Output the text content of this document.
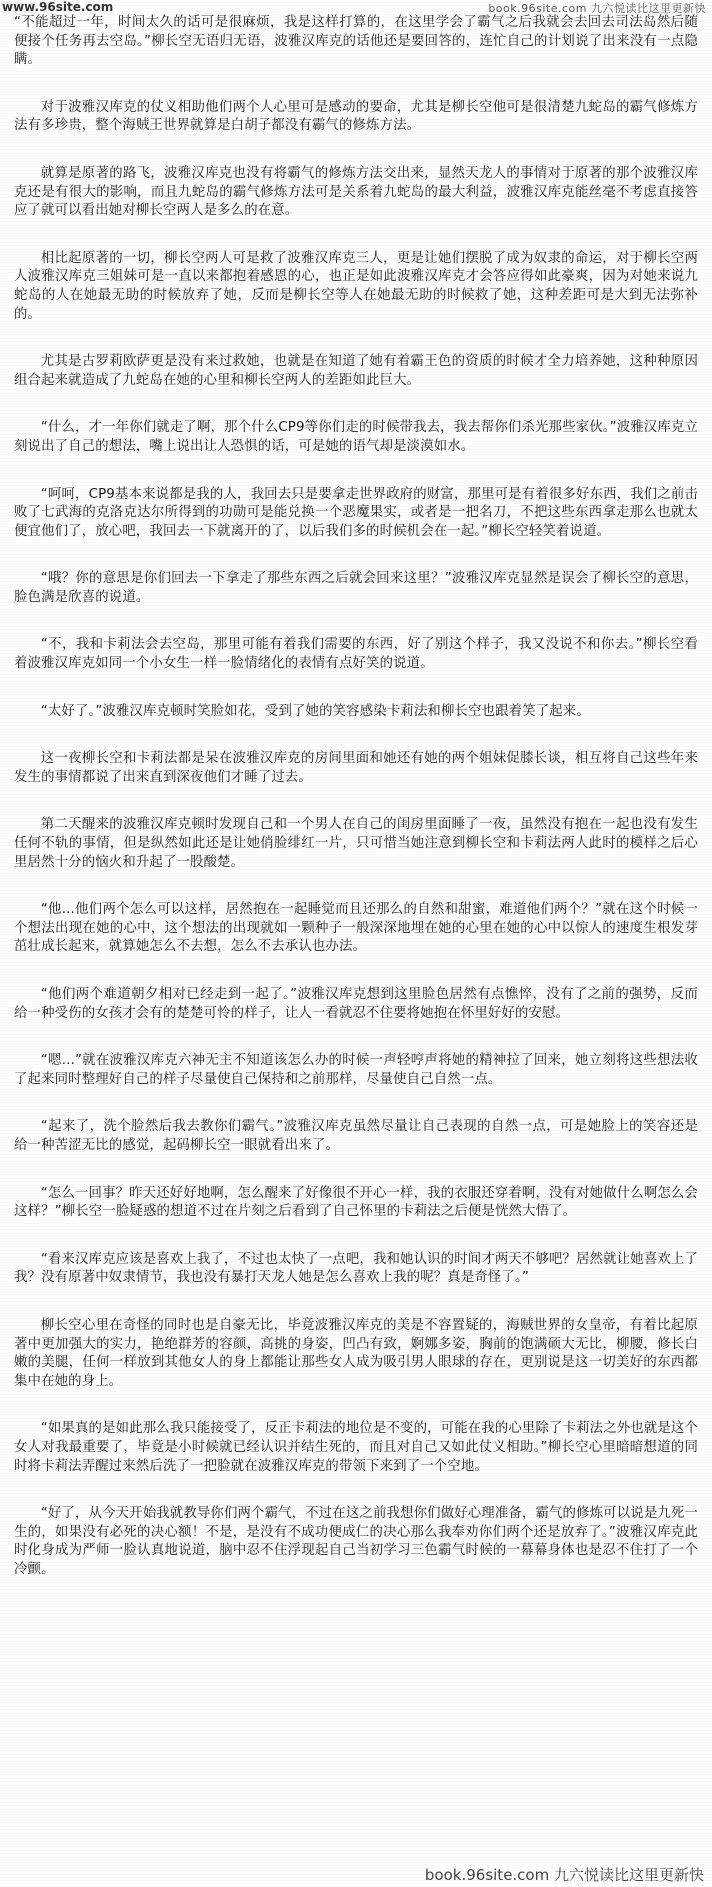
www.96site.com	book.96site.com 九六悦读比这里更新快

“不能超过一年，时间太久的话可是很麻烦，我是这样打算的，在这里学会了霸气之后我就会去回去司法岛然后随便接个任务再去空岛。”柳长空无语归无语，波雅汉库克的话他还是要回答的，连忙自己的计划说了出来没有一点隐瞒。

对于波雅汉库克的仗义相助他们两个人心里可是感动的要命，尤其是柳长空他可是很清楚九蛇岛的霸气修炼方法有多珍贵，整个海贼王世界就算是白胡子都没有霸气的修炼方法。

就算是原著的路飞，波雅汉库克也没有将霸气的修炼方法交出来，显然天龙人的事情对于原著的那个波雅汉库克还是有很大的影响，而且九蛇岛的霸气修炼方法可是关系着九蛇岛的最大利益，波雅汉库克能丝毫不考虑直接答应了就可以看出她对柳长空两人是多么的在意。

相比起原著的一切，柳长空两人可是救了波雅汉库克三人，更是让她们摆脱了成为奴隶的命运，对于柳长空两人波雅汉库克三姐妹可是一直以来都抱着感恩的心，也正是如此波雅汉库克才会答应得如此豪爽，因为对她来说九蛇岛的人在她最无助的时候放弃了她，反而是柳长空等人在她最无助的时候救了她，这种差距可是大到无法弥补的。

尤其是古罗莉欧萨更是没有来过救她，也就是在知道了她有着霸王色的资质的时候才全力培养她，这种种原因组合起来就造成了九蛇岛在她的心里和柳长空两人的差距如此巨大。

“什么，才一年你们就走了啊，那个什么CP9等你们走的时候带我去，我去帮你们杀光那些家伙。”波雅汉库克立刻说出了自己的想法，嘴上说出让人恐惧的话，可是她的语气却是淡漠如水。

“呵呵，CP9基本来说都是我的人，我回去只是要拿走世界政府的财富，那里可是有着很多好东西，我们之前击败了七武海的克洛克达尔所得到的功勋可是能兑换一个恶魔果实，或者是一把名刀，不把这些东西拿走那么也就太便宜他们了，放心吧，我回去一下就离开的了，以后我们多的时候机会在一起。”柳长空轻笑着说道。

“哦？你的意思是你们回去一下拿走了那些东西之后就会回来这里？”波雅汉库克显然是误会了柳长空的意思，脸色满是欣喜的说道。

“不，我和卡莉法会去空岛，那里可能有着我们需要的东西，好了别这个样子，我又没说不和你去。”柳长空看着波雅汉库克如同一个小女生一样一脸情绪化的表情有点好笑的说道。

“太好了。”波雅汉库克顿时笑脸如花，受到了她的笑容感染卡莉法和柳长空也跟着笑了起来。

这一夜柳长空和卡莉法都是呆在波雅汉库克的房间里面和她还有她的两个姐妹促膝长谈，相互将自己这些年来发生的事情都说了出来直到深夜他们才睡了过去。

第二天醒来的波雅汉库克顿时发现自己和一个男人在自己的闺房里面睡了一夜，虽然没有抱在一起也没有发生任何不轨的事情，但是纵然如此还是让她俏脸绯红一片，只可惜当她注意到柳长空和卡莉法两人此时的模样之后心里居然十分的恼火和升起了一股酸楚。

“他...他们两个怎么可以这样，居然抱在一起睡觉而且还那么的自然和甜蜜，难道他们两个？”就在这个时候一个想法出现在她的心中，这个想法的出现就如一颗种子一般深深地埋在她的心里在她的心中以惊人的速度生根发芽茁壮成长起来，就算她怎么不去想，怎么不去承认也办法。

“他们两个难道朝夕相对已经走到一起了。”波雅汉库克想到这里脸色居然有点憔悴，没有了之前的强势，反而给一种受伤的女孩才会有的楚楚可怜的样子，让人一看就忍不住要将她抱在怀里好好的安慰。

“嗯...”就在波雅汉库克六神无主不知道该怎么办的时候一声轻哼声将她的精神拉了回来，她立刻将这些想法收了起来同时整理好自己的样子尽量使自己保持和之前那样，尽量使自己自然一点。

“起来了，洗个脸然后我去教你们霸气。”波雅汉库克虽然尽量让自己表现的自然一点，可是她脸上的笑容还是给一种苦涩无比的感觉，起码柳长空一眼就看出来了。

“怎么一回事？昨天还好好地啊，怎么醒来了好像很不开心一样，我的衣服还穿着啊，没有对她做什么啊怎么会这样？”柳长空一脸疑惑的想道不过在片刻之后看到了自己怀里的卡莉法之后便是恍然大悟了。

“看来汉库克应该是喜欢上我了，不过也太快了一点吧，我和她认识的时间才两天不够吧？居然就让她喜欢上了我？没有原著中奴隶情节，我也没有暴打天龙人她是怎么喜欢上我的呢？真是奇怪了。”

柳长空心里在奇怪的同时也是自豪无比，毕竟波雅汉库克的美是不容置疑的，海贼世界的女皇帝，有着比起原著中更加强大的实力，艳绝群芳的容颜，高挑的身姿，凹凸有致，婀娜多姿，胸前的饱满硕大无比，柳腰，修长白嫩的美腿，任何一样放到其他女人的身上都能让那些女人成为吸引男人眼球的存在，更别说是这一切美好的东西都集中在她的身上。

“如果真的是如此那么我只能接受了，反正卡莉法的地位是不变的，可能在我的心里除了卡莉法之外也就是这个女人对我最重要了，毕竟是小时候就已经认识并结生死的，而且对自己又如此仗义相助。”柳长空心里暗暗想道的同时将卡莉法弄醒过来然后洗了一把脸就在波雅汉库克的带领下来到了一个空地。

“好了，从今天开始我就教导你们两个霸气，不过在这之前我想你们做好心理准备，霸气的修炼可以说是九死一生的，如果没有必死的决心额！不是，是没有不成功便成仁的决心那么我奉劝你们两个还是放弃了。”波雅汉库克此时化身成为严师一脸认真地说道，脑中忍不住浮现起自己当初学习三色霸气时候的一幕幕身体也是忍不住打了一个冷颤。

book.96site.com 九六悦读比这里更新快
